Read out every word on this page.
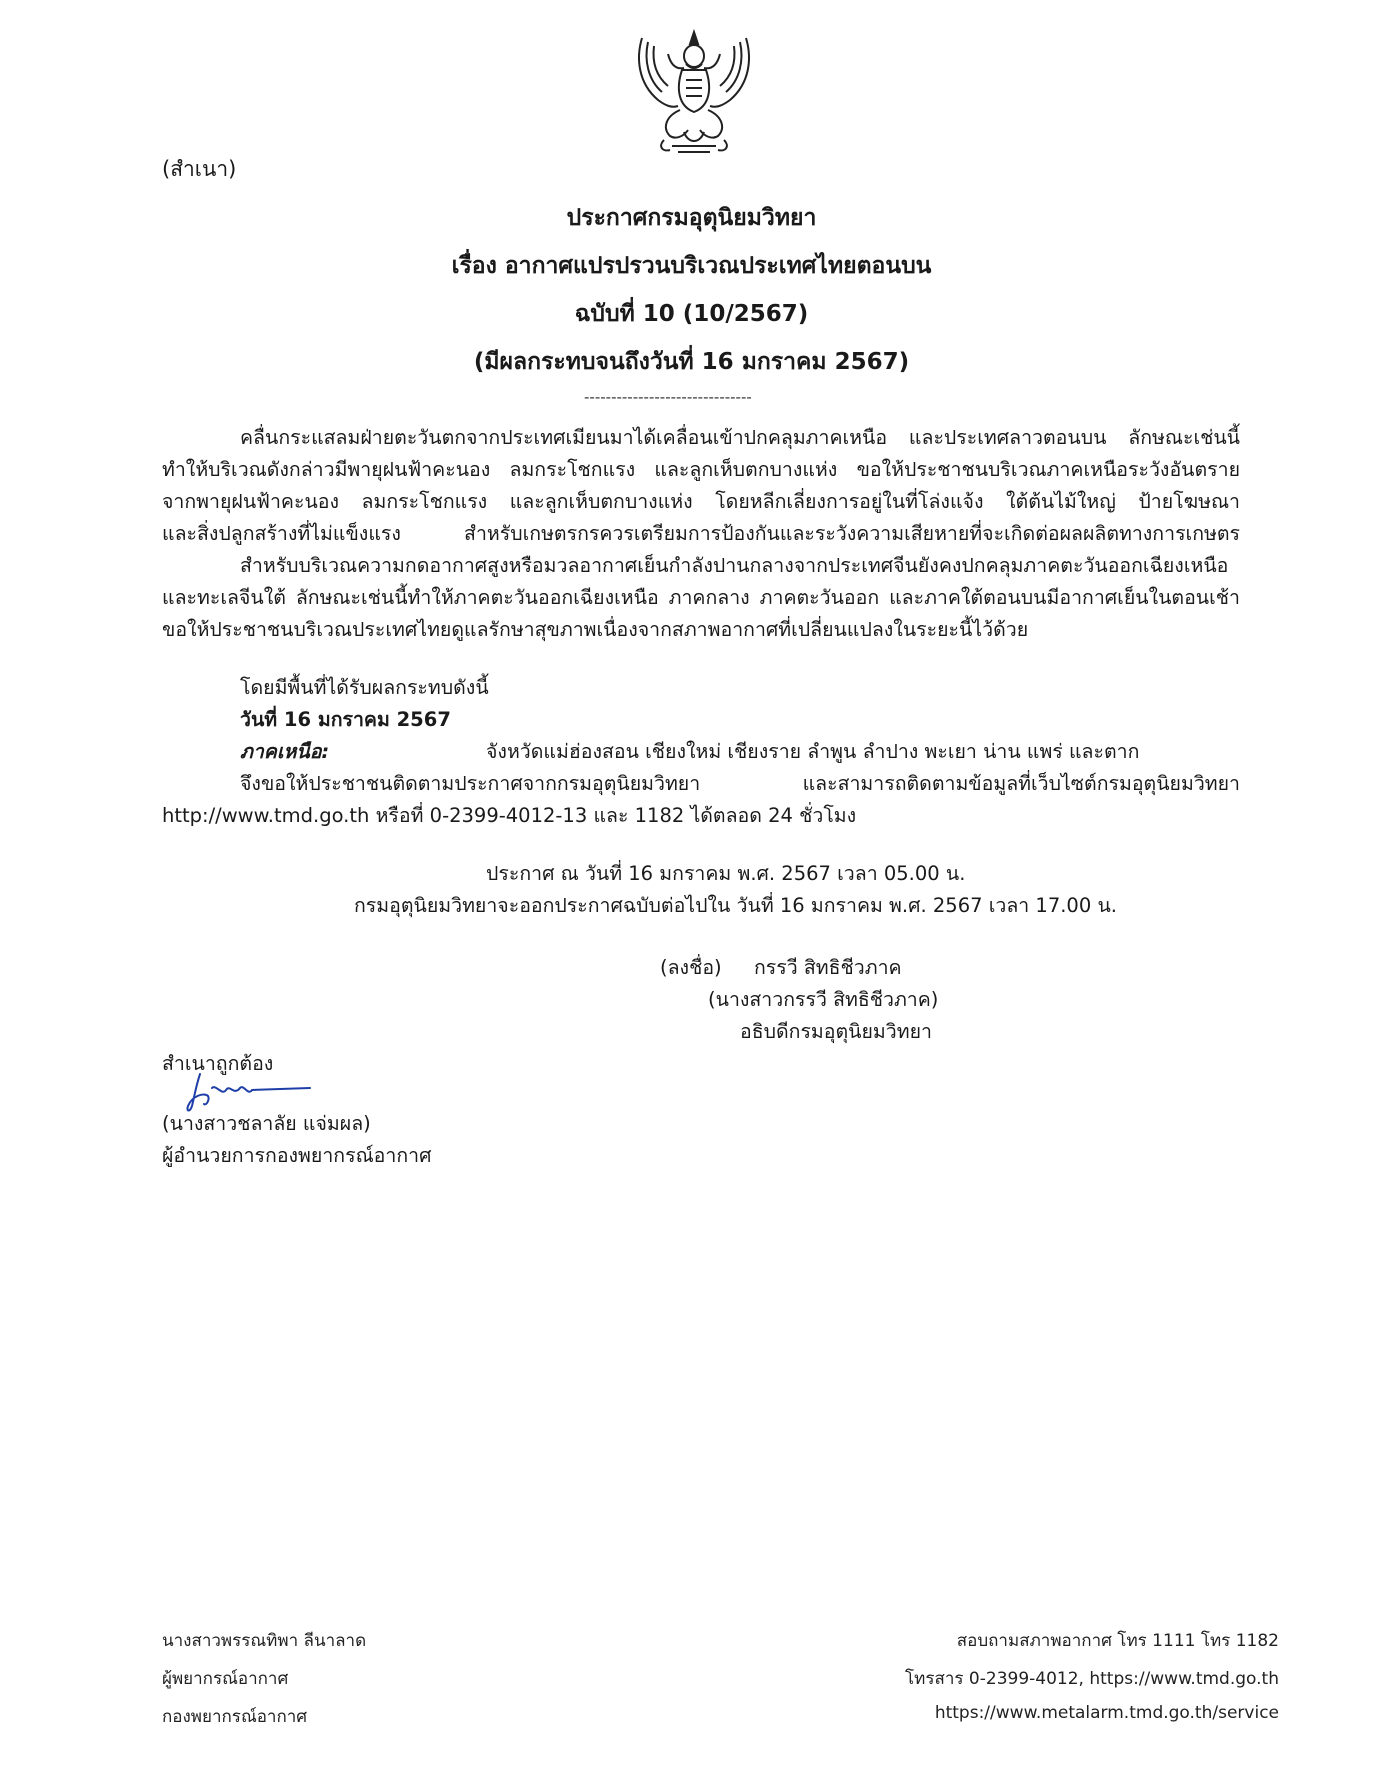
(สำเนา)
ประกาศกรมอุตุนิยมวิทยา
เรื่อง อากาศแปรปรวนบริเวณประเทศไทยตอนบน
ฉบับที่ 10 (10/2567)
(มีผลกระทบจนถึงวันที่ 16 มกราคม 2567)
-------------------------------
คลื่นกระแสลมฝ่ายตะวันตกจากประเทศเมียนมาได้เคลื่อนเข้าปกคลุมภาคเหนือ และประเทศลาวตอนบน ลักษณะเช่นนี้
ทำให้บริเวณดังกล่าวมีพายุฝนฟ้าคะนอง ลมกระโชกแรง และลูกเห็บตกบางแห่ง ขอให้ประชาชนบริเวณภาคเหนือระวังอันตราย
จากพายุฝนฟ้าคะนอง ลมกระโชกแรง และลูกเห็บตกบางแห่ง โดยหลีกเลี่ยงการอยู่ในที่โล่งแจ้ง ใต้ต้นไม้ใหญ่ ป้ายโฆษณา
และสิ่งปลูกสร้างที่ไม่แข็งแรง สำหรับเกษตรกรควรเตรียมการป้องกันและระวังความเสียหายที่จะเกิดต่อผลผลิตทางการเกษตร
สำหรับบริเวณความกดอากาศสูงหรือมวลอากาศเย็นกำลังปานกลางจากประเทศจีนยังคงปกคลุมภาคตะวันออกเฉียงเหนือ
และทะเลจีนใต้ ลักษณะเช่นนี้ทำให้ภาคตะวันออกเฉียงเหนือ ภาคกลาง ภาคตะวันออก และภาคใต้ตอนบนมีอากาศเย็นในตอนเช้า
ขอให้ประชาชนบริเวณประเทศไทยดูแลรักษาสุขภาพเนื่องจากสภาพอากาศที่เปลี่ยนแปลงในระยะนี้ไว้ด้วย
โดยมีพื้นที่ได้รับผลกระทบดังนี้
วันที่ 16 มกราคม 2567
ภาคเหนือ:	จังหวัดแม่ฮ่องสอน เชียงใหม่ เชียงราย ลำพูน ลำปาง พะเยา น่าน แพร่ และตาก
จึงขอให้ประชาชนติดตามประกาศจากกรมอุตุนิยมวิทยา และสามารถติดตามข้อมูลที่เว็บไซต์กรมอุตุนิยมวิทยา
http://www.tmd.go.th หรือที่ 0-2399-4012-13 และ 1182 ได้ตลอด 24 ชั่วโมง
ประกาศ ณ วันที่ 16 มกราคม พ.ศ. 2567 เวลา 05.00 น.
กรมอุตุนิยมวิทยาจะออกประกาศฉบับต่อไปใน วันที่ 16 มกราคม พ.ศ. 2567 เวลา 17.00 น.
(ลงชื่อ) กรรวี สิทธิชีวภาค
(นางสาวกรรวี สิทธิชีวภาค)
อธิบดีกรมอุตุนิยมวิทยา
สำเนาถูกต้อง
(นางสาวชลาลัย แจ่มผล)
ผู้อำนวยการกองพยากรณ์อากาศ
นางสาวพรรณทิพา ลีนาลาด
ผู้พยากรณ์อากาศ
กองพยากรณ์อากาศ
สอบถามสภาพอากาศ โทร 1111 โทร 1182
โทรสาร 0-2399-4012, https://www.tmd.go.th
https://www.metalarm.tmd.go.th/service
